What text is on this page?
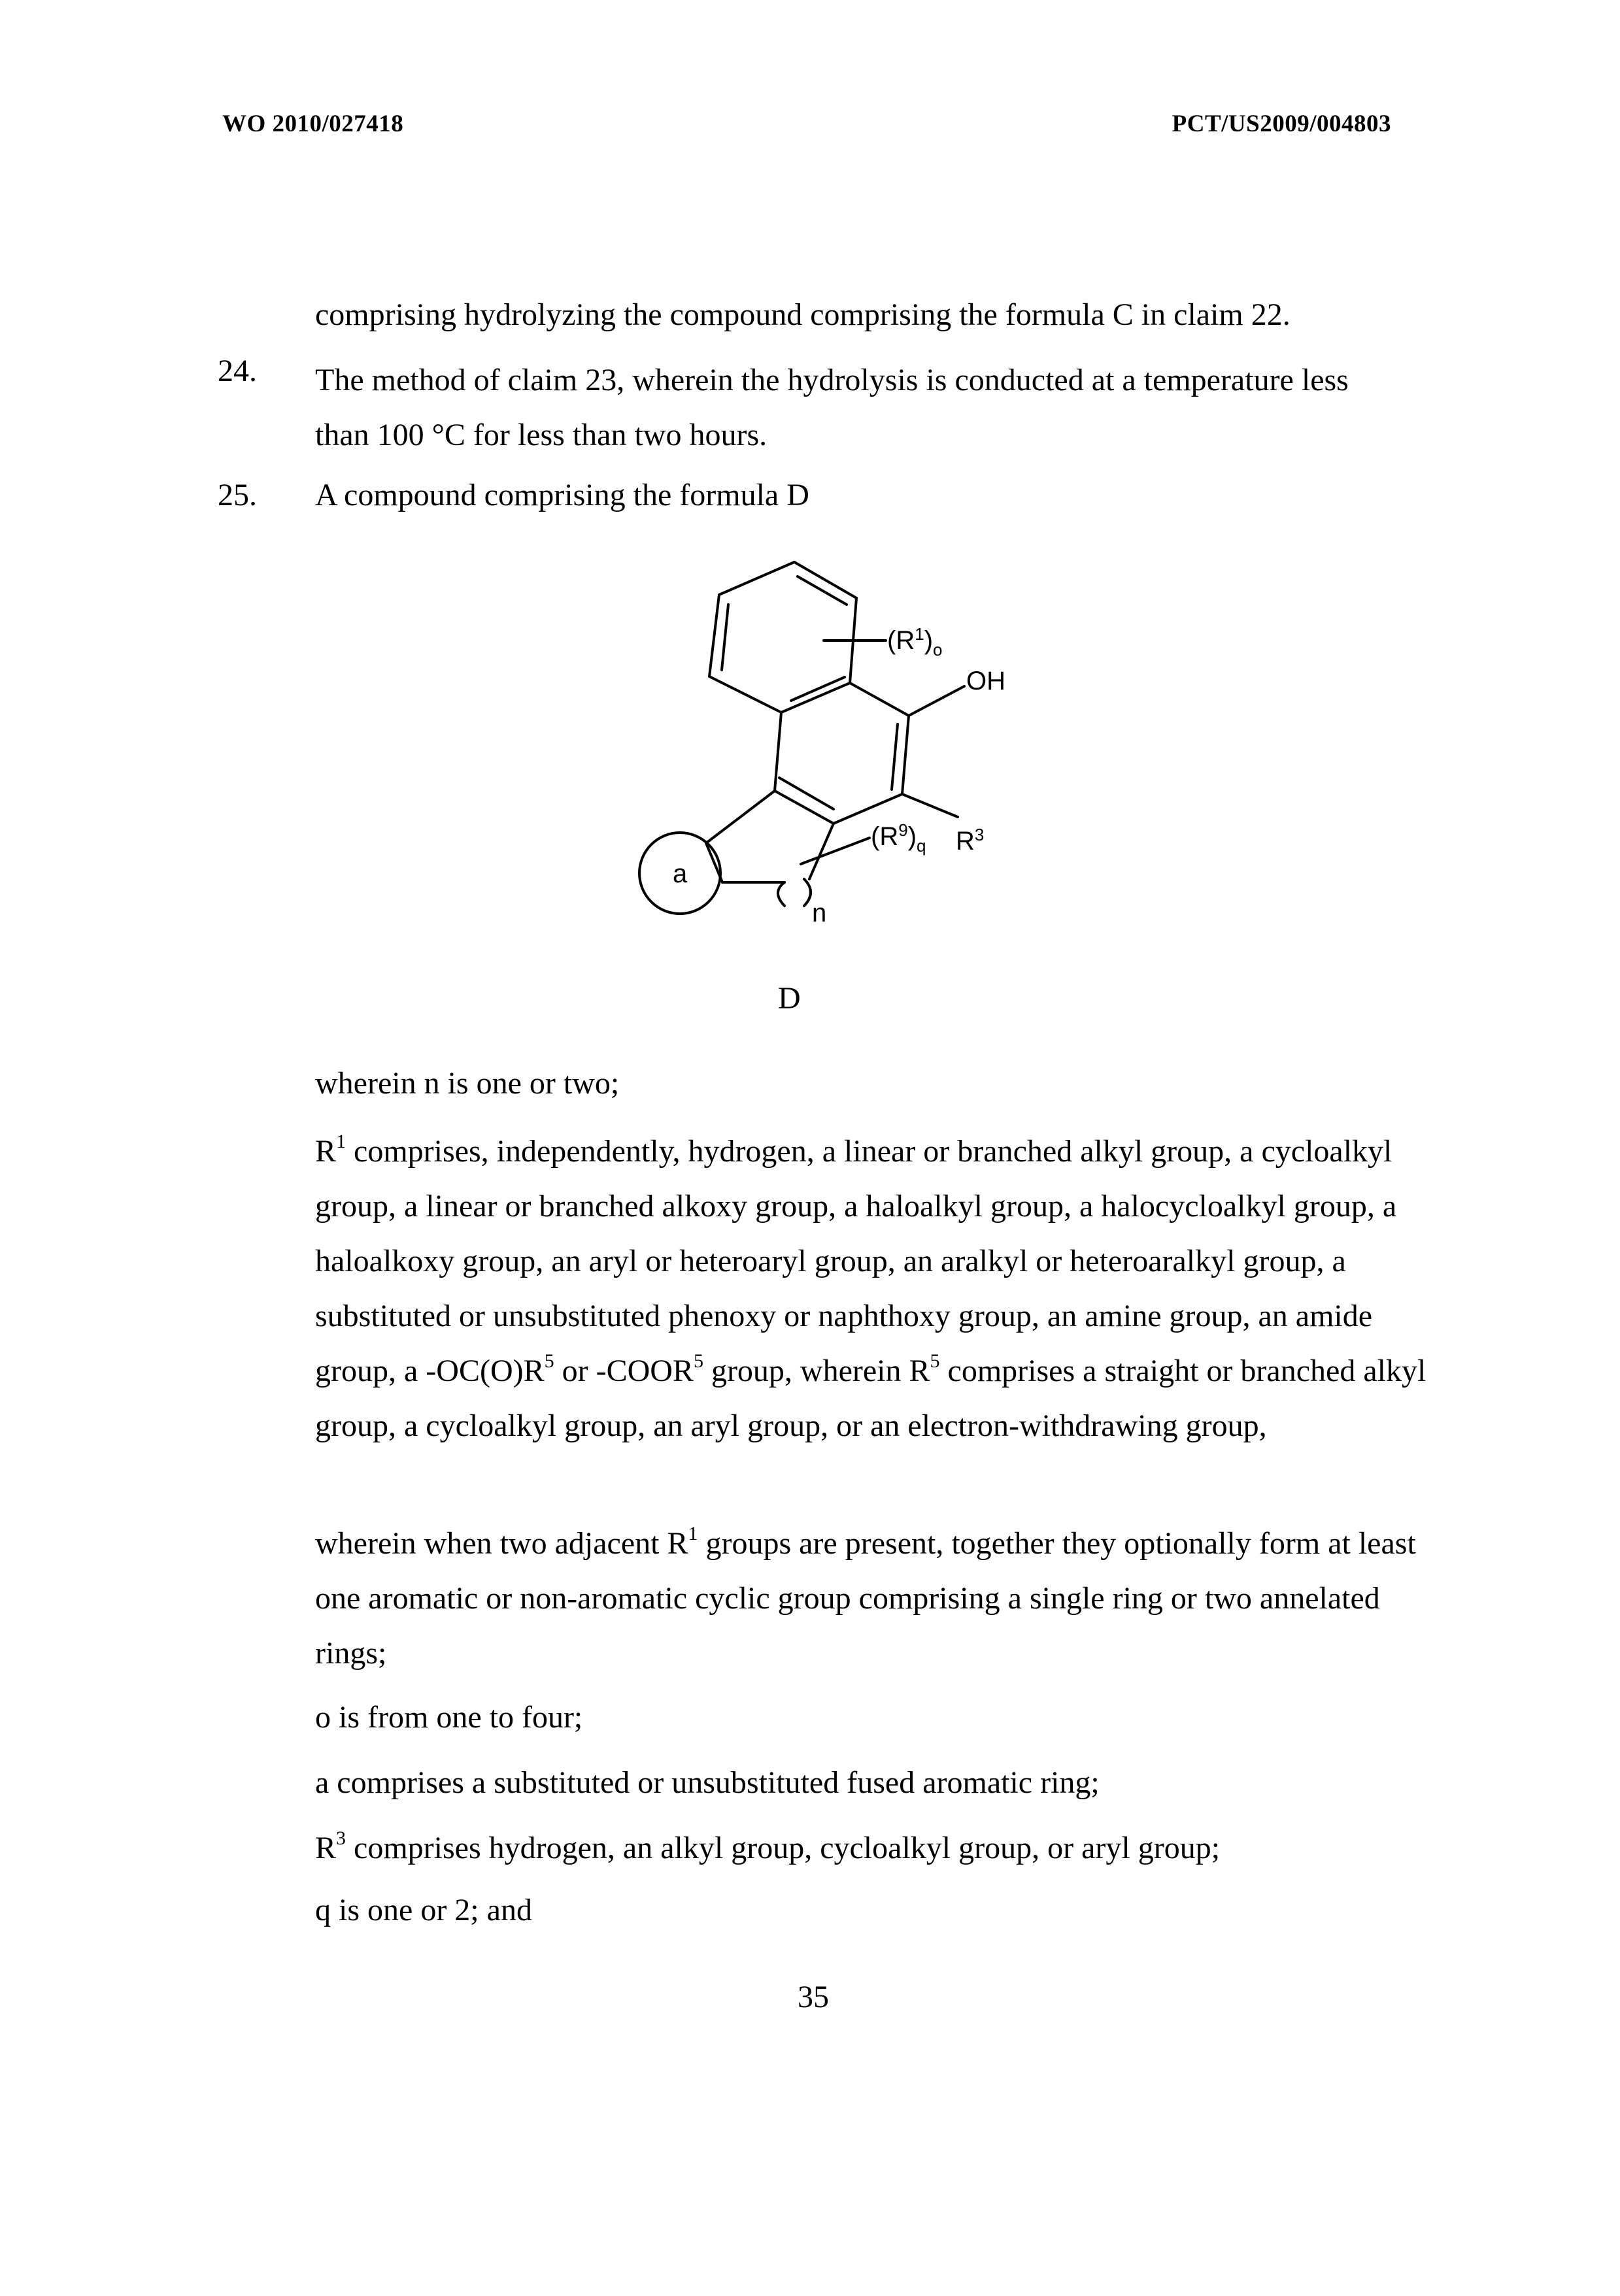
WO 2010/027418	PCT/US2009/004803

comprising hydrolyzing the compound comprising the formula C in claim 22.

24. The method of claim 23, wherein the hydrolysis is conducted at a temperature less than 100 °C for less than two hours.

25. A compound comprising the formula D

a
OH
$(R^1)_o$
$R^3$
$(R^9)_q$
n
D

wherein n is one or two;

$R^1$ comprises, independently, hydrogen, a linear or branched alkyl group, a cycloalkyl group, a linear or branched alkoxy group, a haloalkyl group, a halocycloalkyl group, a haloalkoxy group, an aryl or heteroaryl group, an aralkyl or heteroaralkyl group, a substituted or unsubstituted phenoxy or naphthoxy group, an amine group, an amide group, a $-OC(O)R^5$ or -COOR$^5$ group, wherein $R^5$ comprises a straight or branched alkyl group, a cycloalkyl group, an aryl group, or an electron-withdrawing group,

wherein when two adjacent $R^1$ groups are present, together they optionally form at least one aromatic or non-aromatic cyclic group comprising a single ring or two annelated rings;

o is from one to four;

a comprises a substituted or unsubstituted fused aromatic ring;

$R^3$ comprises hydrogen, an alkyl group, cycloalkyl group, or aryl group;

q is one or 2; and

35
